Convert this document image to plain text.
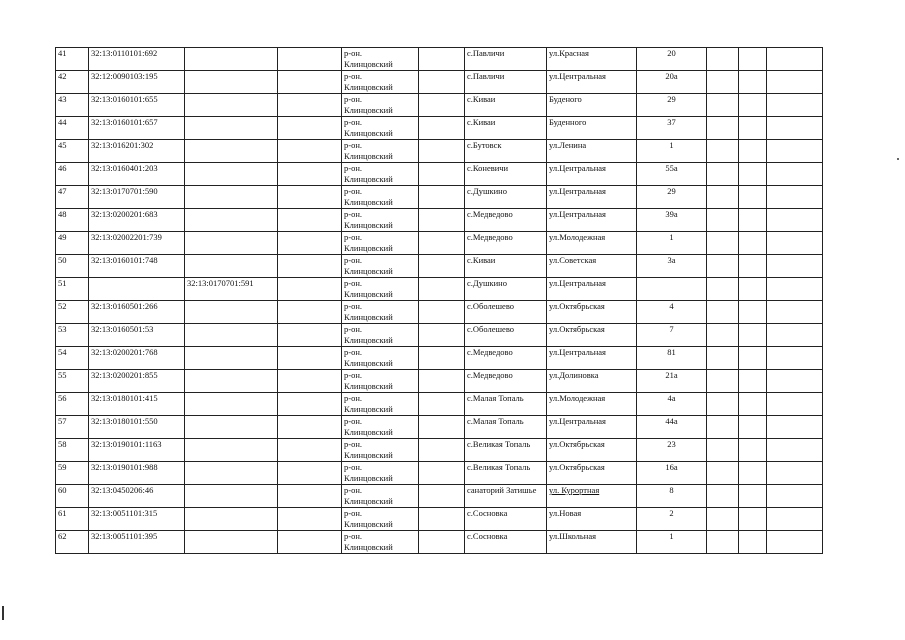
41	32:13:0110101:692			р-он.
Клинцовский		с.Павличи	ул.Красная	20			
42	32:12:0090103:195			р-он.
Клинцовский		с.Павличи	ул.Центральная	20а			
43	32:13:0160101:655			р-он.
Клинцовский		с.Киваи	Буденого	29			
44	32:13:0160101:657			р-он.
Клинцовский		с.Киваи	Буденного	37			
45	32:13:016201:302			р-он.
Клинцовский		с.Бутовск	ул.Ленина	1			
46	32:13:0160401:203			р-он.
Клинцовский		с.Коневичи	ул.Центральная	55а			
47	32:13:0170701:590			р-он.
Клинцовский		с.Душкино	ул.Центральная	29			
48	32:13:0200201:683			р-он.
Клинцовский		с.Медведово	ул.Центральная	39а			
49	32:13:02002201:739			р-он.
Клинцовский		с.Медведово	ул.Молодежная	1			
50	32:13:0160101:748			р-он.
Клинцовский		с.Киваи	ул.Советская	3а			
51		32:13:0170701:591		р-он.
Клинцовский		с.Душкино	ул.Центральная				
52	32:13:0160501:266			р-он.
Клинцовский		с.Оболешево	ул.Октябрьская	4			
53	32:13:0160501:53			р-он.
Клинцовский		с.Оболешево	ул.Октябрьская	7			
54	32:13:0200201:768			р-он.
Клинцовский		с.Медведово	ул.Центральная	81			
55	32:13:0200201:855			р-он.
Клинцовский		с.Медведово	ул.Долиновка	21а			
56	32:13:0180101:415			р-он.
Клинцовский		с.Малая Топаль	ул.Молодежная	4а			
57	32:13:0180101:550			р-он.
Клинцовский		с.Малая Топаль	ул.Центральная	44а			
58	32:13:0190101:1163			р-он.
Клинцовский		с.Великая Топаль	ул.Октябрьская	23			
59	32:13:0190101:988			р-он.
Клинцовский		с.Великая Топаль	ул.Октябрьская	16а			
60	32:13:0450206:46			р-он.
Клинцовский		санаторий Затишье	ул. Курортная	8			
61	32:13:0051101:315			р-он.
Клинцовский		с.Сосновка	ул.Новая	2			
62	32:13:0051101:395			р-он.
Клинцовский		с.Сосновка	ул.Школьная	1			
